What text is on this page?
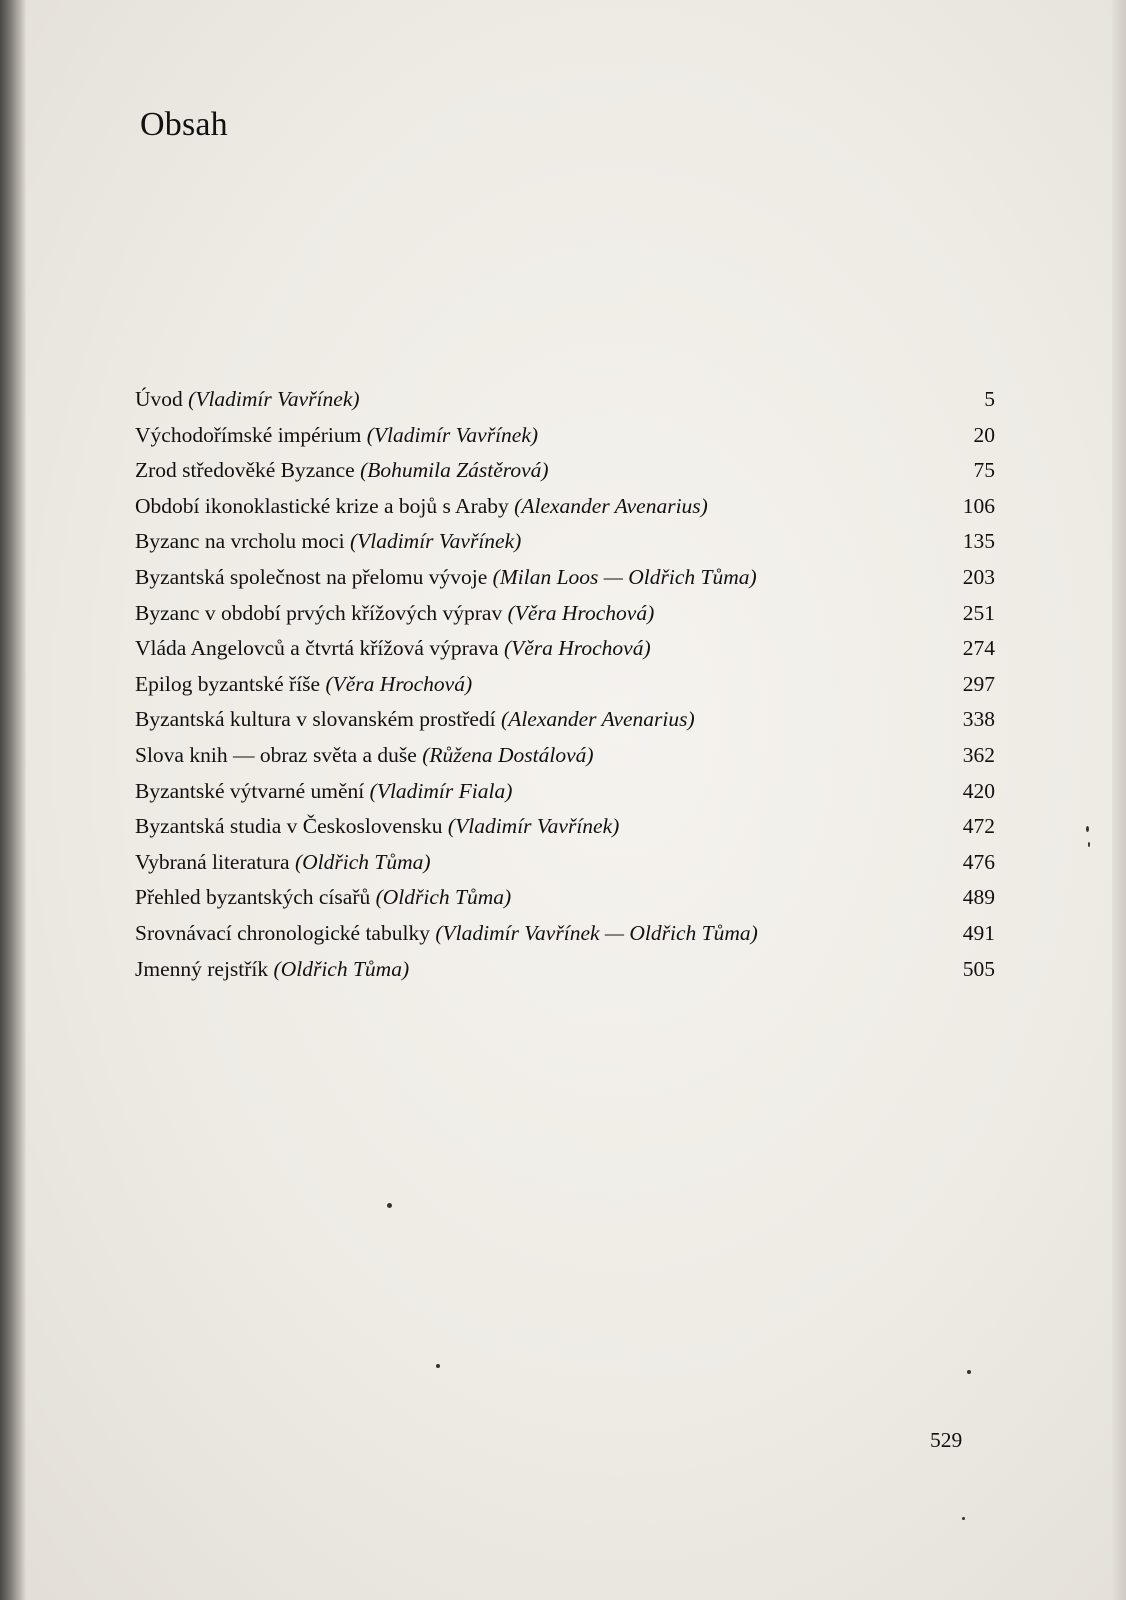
Obsah
Úvod (Vladimír Vavřínek)	5
Východořímské impérium (Vladimír Vavřínek)	20
Zrod středověké Byzance (Bohumila Zástěrová)	75
Období ikonoklastické krize a bojů s Araby (Alexander Avenarius)	106
Byzanc na vrcholu moci (Vladimír Vavřínek)	135
Byzantská společnost na přelomu vývoje (Milan Loos — Oldřich Tůma)	203
Byzanc v období prvých křížových výprav (Věra Hrochová)	251
Vláda Angelovců a čtvrtá křížová výprava (Věra Hrochová)	274
Epilog byzantské říše (Věra Hrochová)	297
Byzantská kultura v slovanském prostředí (Alexander Avenarius)	338
Slova knih — obraz světa a duše (Růžena Dostálová)	362
Byzantské výtvarné umění (Vladimír Fiala)	420
Byzantská studia v Československu (Vladimír Vavřínek)	472
Vybraná literatura (Oldřich Tůma)	476
Přehled byzantských císařů (Oldřich Tůma)	489
Srovnávací chronologické tabulky (Vladimír Vavřínek — Oldřich Tůma)	491
Jmenný rejstřík (Oldřich Tůma)	505
529
